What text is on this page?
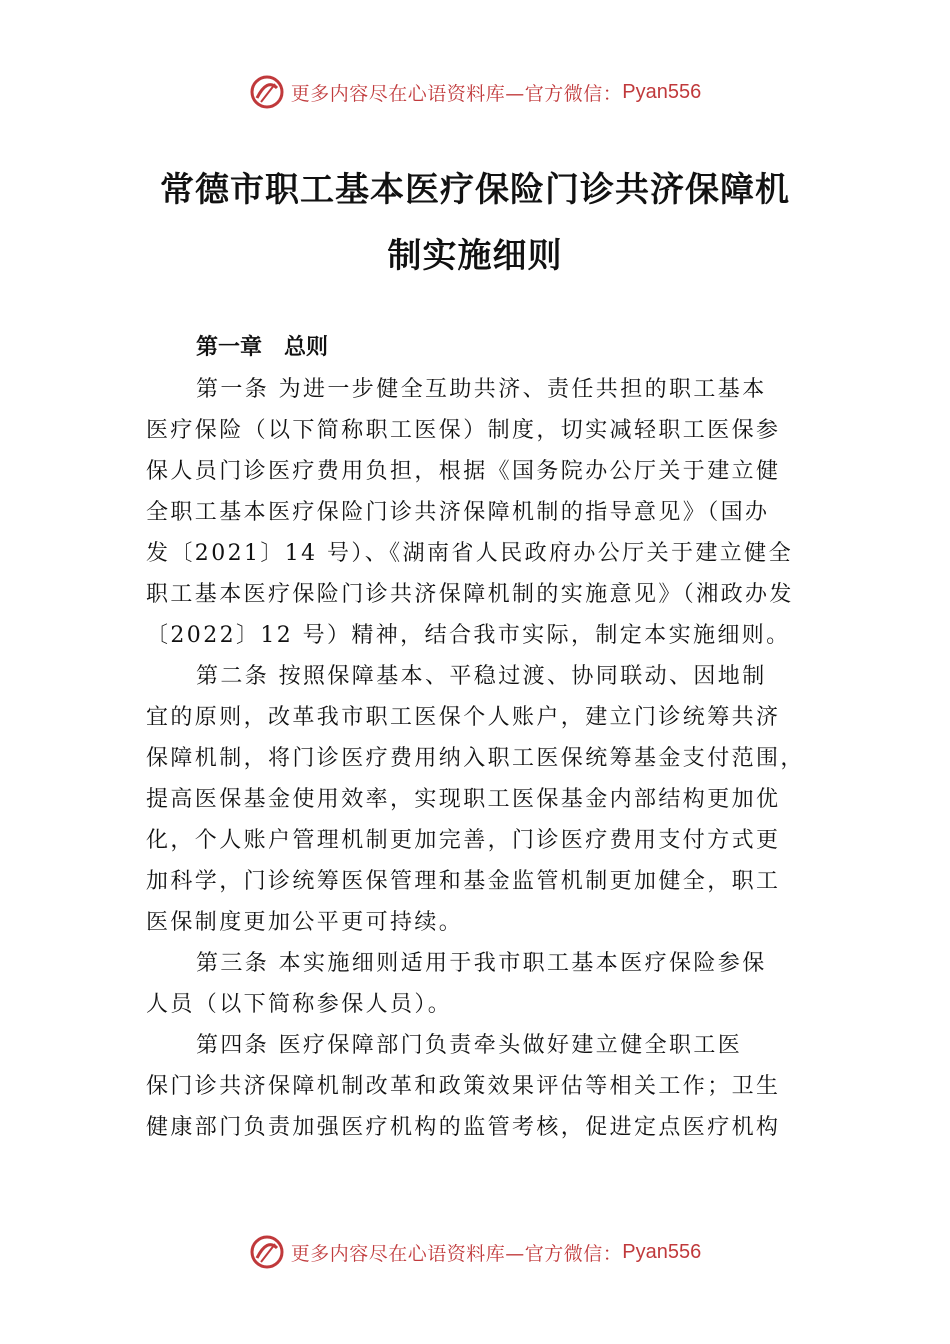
更多内容尽在心语资料库—官方微信： Pyan556
常德市职工基本医疗保险门诊共济保障机
制实施细则
第一章　总则
第一条 为进一步健全互助共济、责任共担的职工基本
医疗保险（以下简称职工医保）制度，切实减轻职工医保参
保人员门诊医疗费用负担，根据《国务院办公厅关于建立健
全职工基本医疗保险门诊共济保障机制的指导意见》（国办
发〔2021〕14 号）、《湖南省人民政府办公厅关于建立健全
职工基本医疗保险门诊共济保障机制的实施意见》（湘政办发
〔2022〕12 号）精神，结合我市实际，制定本实施细则。
第二条 按照保障基本、平稳过渡、协同联动、因地制
宜的原则，改革我市职工医保个人账户，建立门诊统筹共济
保障机制，将门诊医疗费用纳入职工医保统筹基金支付范围，
提高医保基金使用效率，实现职工医保基金内部结构更加优
化，个人账户管理机制更加完善，门诊医疗费用支付方式更
加科学，门诊统筹医保管理和基金监管机制更加健全，职工
医保制度更加公平更可持续。
第三条 本实施细则适用于我市职工基本医疗保险参保
人员（以下简称参保人员）。
第四条 医疗保障部门负责牵头做好建立健全职工医
保门诊共济保障机制改革和政策效果评估等相关工作；卫生
健康部门负责加强医疗机构的监管考核，促进定点医疗机构
更多内容尽在心语资料库—官方微信： Pyan556
